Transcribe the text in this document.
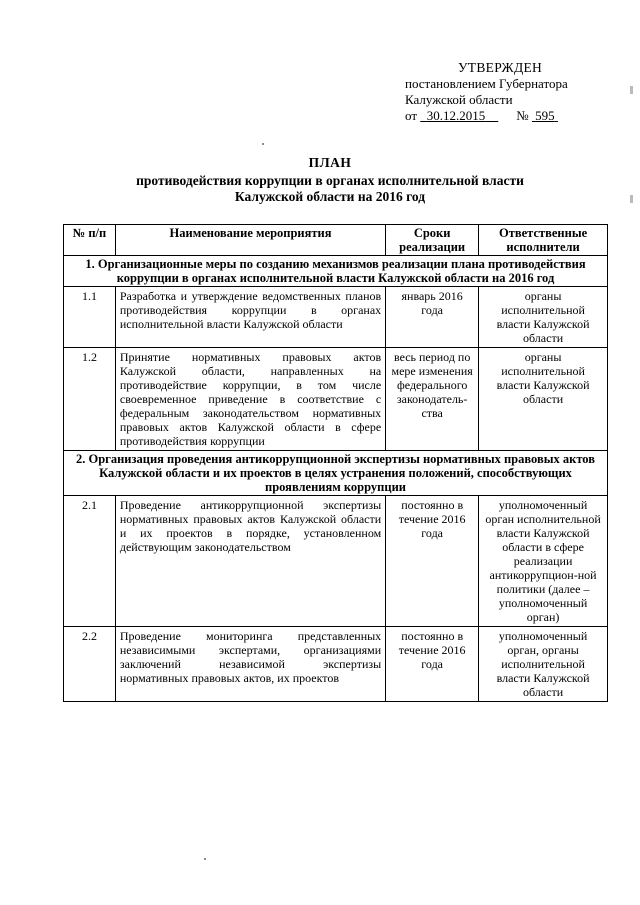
УТВЕРЖДЕН
постановлением Губернатора
Калужской области
от 30.12.2015	№ 595
ПЛАН
противодействия коррупции в органах исполнительной власти
Калужской области на 2016 год
№ п/п	Наименование мероприятия	Сроки реализации	Ответственные исполнители
1. Организационные меры по созданию механизмов реализации плана противодействия коррупции в органах исполнительной власти Калужской области на 2016 год			
1.1	Разработка и утверждение ведомственных планов противодействия коррупции в органах исполнительной власти Калужской области	январь 2016 года	органы исполнительной власти Калужской области
1.2	Принятие нормативных правовых актов Калужской области, направленных на противодействие коррупции, в том числе своевременное приведение в соответствие с федеральным законодательством нормативных правовых актов Калужской области в сфере противодействия коррупции	весь период по мере изменения федерального законодатель-ства	органы исполнительной власти Калужской области
2. Организация проведения антикоррупционной экспертизы нормативных правовых актов Калужской области и их проектов в целях устранения положений, способствующих проявлениям коррупции			
2.1	Проведение антикоррупционной экспертизы нормативных правовых актов Калужской области и их проектов в порядке, установленном действующим законодательством	постоянно в течение 2016 года	уполномоченный орган исполнительной власти Калужской области в сфере реализации антикоррупцион-ной политики (далее – уполномоченный орган)
2.2	Проведение мониторинга представленных независимыми экспертами, организациями заключений независимой экспертизы нормативных правовых актов, их проектов	постоянно в течение 2016 года	уполномоченный орган, органы исполнительной власти Калужской области
